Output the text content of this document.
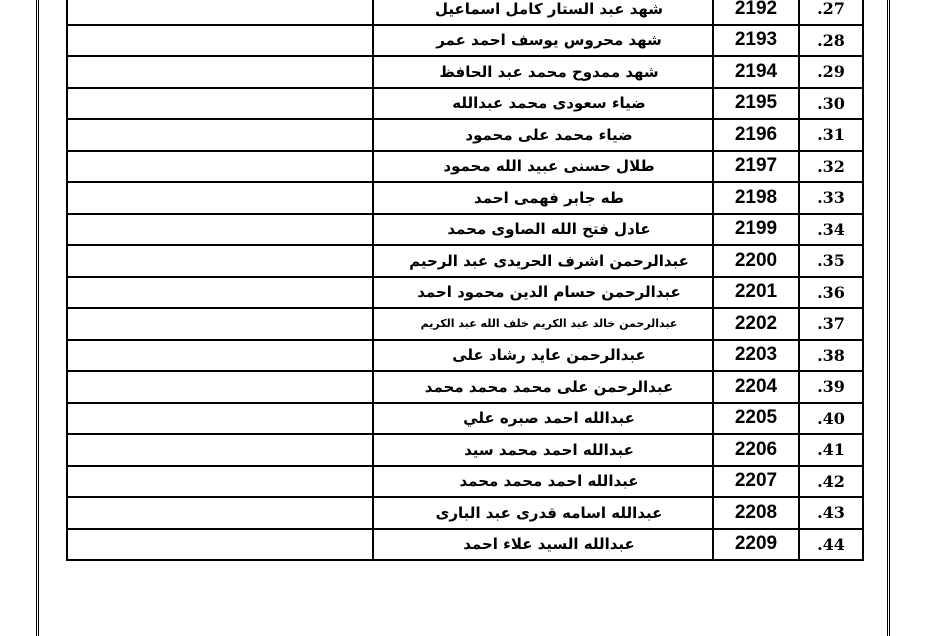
.27	2192	شهد عبد الستار كامل اسماعيل	
.28	2193	شهد محروس يوسف احمد عمر	
.29	2194	شهد ممدوح محمد عبد الحافظ	
.30	2195	ضياء سعودى محمد عبدالله	
.31	2196	ضياء محمد على محمود	
.32	2197	طلال حسنى عبيد الله محمود	
.33	2198	طه جابر فهمى احمد	
.34	2199	عادل فتح الله الصاوى محمد	
.35	2200	عبدالرحمن اشرف الحريدى عبد الرحيم	
.36	2201	عبدالرحمن حسام الدين محمود احمد	
.37	2202	عبدالرحمن خالد عبد الكريم خلف الله عبد الكريم	
.38	2203	عبدالرحمن عايد رشاد على	
.39	2204	عبدالرحمن على محمد محمد محمد	
.40	2205	عبدالله احمد صبره علي	
.41	2206	عبدالله احمد محمد سيد	
.42	2207	عبدالله احمد محمد محمد	
.43	2208	عبدالله اسامه قدرى عبد البارى	
.44	2209	عبدالله السيد علاء احمد	
